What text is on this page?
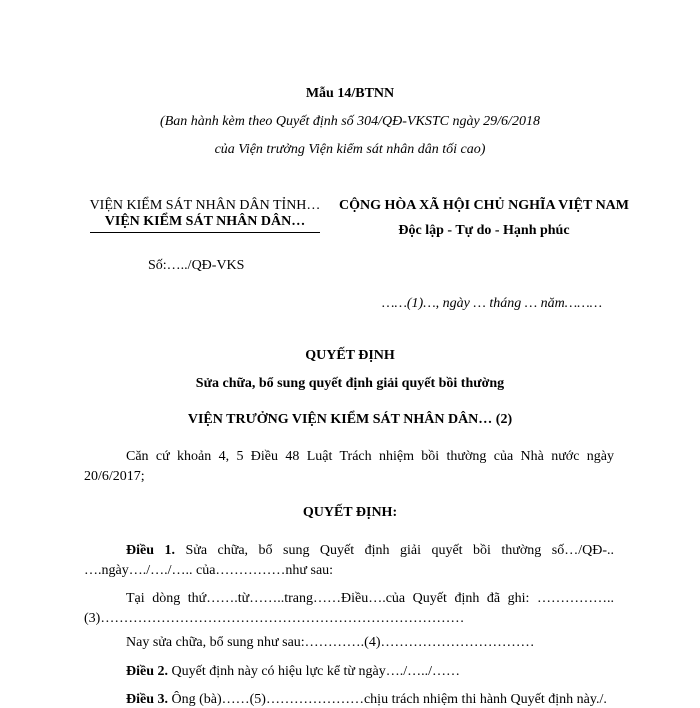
Mẫu 14/BTNN
(Ban hành kèm theo Quyết định số 304/QĐ-VKSTC ngày 29/6/2018
của Viện trưởng Viện kiểm sát nhân dân tối cao)
VIỆN KIỂM SÁT NHÂN DÂN TỈNH…
VIỆN KIỂM SÁT NHÂN DÂN…
Số:…../QĐ-VKS
CỘNG HÒA XÃ HỘI CHỦ NGHĨA VIỆT NAM
Độc lập - Tự do - Hạnh phúc
……(1)…, ngày … tháng … năm………
QUYẾT ĐỊNH
Sửa chữa, bổ sung quyết định giải quyết bồi thường
VIỆN TRƯỞNG VIỆN KIỂM SÁT NHÂN DÂN… (2)
Căn cứ khoản 4, 5 Điều 48 Luật Trách nhiệm bồi thường của Nhà nước ngày 20/6/2017;
QUYẾT ĐỊNH:
Điều 1. Sửa chữa, bổ sung Quyết định giải quyết bồi thường số…/QĐ-.. ….ngày…./…./….. của……………như sau:
Tại dòng thứ…….từ……..trang……Điều….của Quyết định đã ghi: ……………..(3)……………………………………………………………………
Nay sửa chữa, bổ sung như sau:………….(4)……………………………
Điều 2. Quyết định này có hiệu lực kể từ ngày…./…../……
Điều 3. Ông (bà)……(5)…………………chịu trách nhiệm thi hành Quyết định này./.
